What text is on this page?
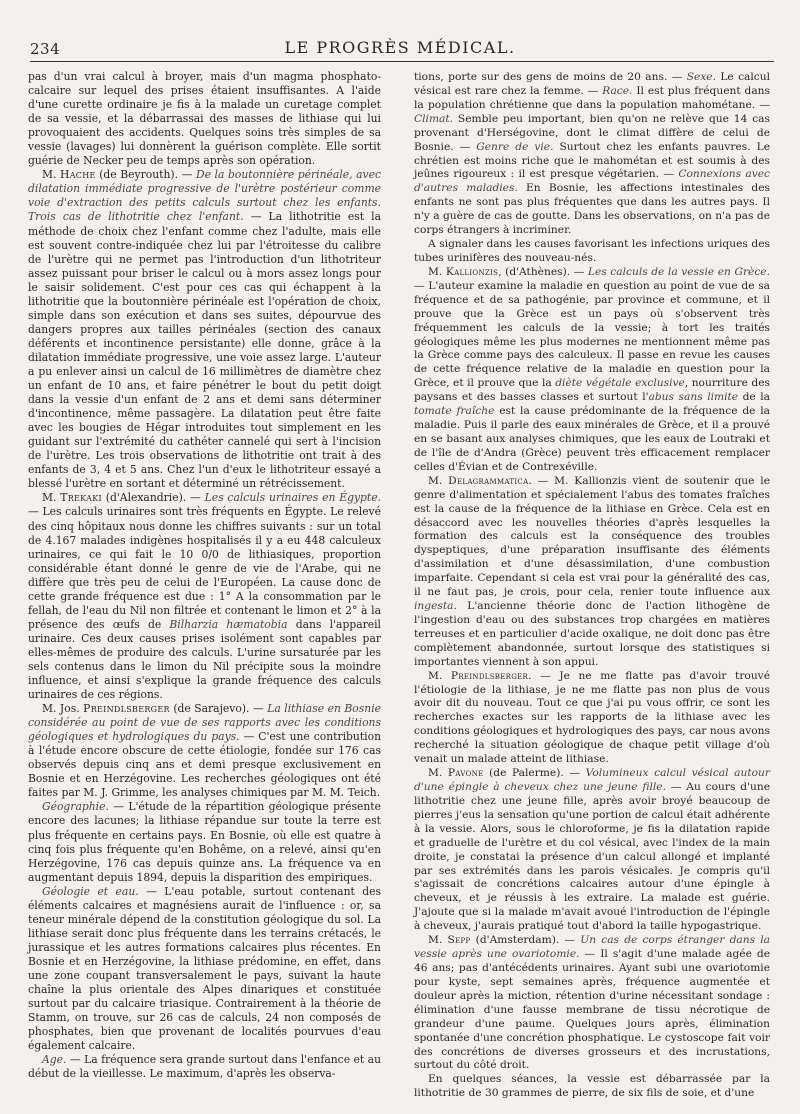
234	LE PROGRÈS MÉDICAL.

pas d'un vrai calcul à broyer, mais d'un magma phosphato-calcaire sur lequel des prises étaient insuffisantes. A l'aide d'une curette ordinaire je fis à la malade un curetage complet de sa vessie, et la débarrassai des masses de lithiase qui lui provoquaient des accidents. Quelques soins très simples de sa vessie (lavages) lui donnèrent la guérison complète. Elle sortit guérie de Necker peu de temps après son opération.

M. Hache (de Beyrouth). — De la boutonnière périnéale, avec dilatation immédiate progressive de l'urètre postérieur comme voie d'extraction des petits calculs surtout chez les enfants. Trois cas de lithotritie chez l'enfant. — La lithotritie est la méthode de choix chez l'enfant comme chez l'adulte, mais elle est souvent contre-indiquée chez lui par l'étroitesse du calibre de l'urètre qui ne permet pas l'introduction d'un lithotriteur assez puissant pour briser le calcul ou à mors assez longs pour le saisir solidement. C'est pour ces cas qui échappent à la lithotritie que la boutonnière périnéale est l'opération de choix, simple dans son exécution et dans ses suites, dépourvue des dangers propres aux tailles périnéales (section des canaux déférents et incontinence persistante) elle donne, grâce à la dilatation immédiate progressive, une voie assez large. L'auteur a pu enlever ainsi un calcul de 16 millimètres de diamètre chez un enfant de 10 ans, et faire pénétrer le bout du petit doigt dans la vessie d'un enfant de 2 ans et demi sans déterminer d'incontinence, même passagère. La dilatation peut être faite avec les bougies de Hégar introduites tout simplement en les guidant sur l'extrémité du cathéter cannelé qui sert à l'incision de l'urètre. Les trois observations de lithotritie ont trait à des enfants de 3, 4 et 5 ans. Chez l'un d'eux le lithotriteur essayé a blessé l'urètre en sortant et déterminé un rétrécissement.

M. Trekaki (d'Alexandrie). — Les calculs urinaires en Égypte. — Les calculs urinaires sont très fréquents en Égypte. Le relevé des cinq hôpitaux nous donne les chiffres suivants : sur un total de 4.167 malades indigènes hospitalisés il y a eu 448 calculeux urinaires, ce qui fait le 10 0/0 de lithiasiques, proportion considérable étant donné le genre de vie de l'Arabe, qui ne diffère que très peu de celui de l'Européen. La cause donc de cette grande fréquence est due : 1° A la consommation par le fellah, de l'eau du Nil non filtrée et contenant le limon et 2° à la présence des œufs de Bilharzia hæmatobia dans l'appareil urinaire. Ces deux causes prises isolément sont capables par elles-mêmes de produire des calculs. L'urine sursaturée par les sels contenus dans le limon du Nil précipite sous la moindre influence, et ainsi s'explique la grande fréquence des calculs urinaires de ces régions.

M. Jos. Preindlsberger (de Sarajevo). — La lithiase en Bosnie considérée au point de vue de ses rapports avec les conditions géologiques et hydrologiques du pays. — C'est une contribution à l'étude encore obscure de cette étiologie, fondée sur 176 cas observés depuis cinq ans et demi presque exclusivement en Bosnie et en Herzégovine. Les recherches géologiques ont été faites par M. J. Grimme, les analyses chimiques par M. M. Teich.

Géographie. — L'étude de la répartition géologique présente encore des lacunes; la lithiase répandue sur toute la terre est plus fréquente en certains pays. En Bosnie, où elle est quatre à cinq fois plus fréquente qu'en Bohême, on a relevé, ainsi qu'en Herzégovine, 176 cas depuis quinze ans. La fréquence va en augmentant depuis 1894, depuis la disparition des empiriques.

Géologie et eau. — L'eau potable, surtout contenant des éléments calcaires et magnésiens aurait de l'influence : or, sa teneur minérale dépend de la constitution géologique du sol. La lithiase serait donc plus fréquente dans les terrains crétacés, le jurassique et les autres formations calcaires plus récentes. En Bosnie et en Herzégovine, la lithiase prédomine, en effet, dans une zone coupant transversalement le pays, suivant la haute chaîne la plus orientale des Alpes dinariques et constituée surtout par du calcaire triasique. Contrairement à la théorie de Stamm, on trouve, sur 26 cas de calculs, 24 non composés de phosphates, bien que provenant de localités pourvues d'eau également calcaire.

Age. — La fréquence sera grande surtout dans l'enfance et au début de la vieillesse. Le maximum, d'après les observa-

tions, porte sur des gens de moins de 20 ans. — Sexe. Le calcul vésical est rare chez la femme. — Race. Il est plus fréquent dans la population chrétienne que dans la population mahométane. — Climat. Semble peu important, bien qu'on ne relève que 14 cas provenant d'Herségovine, dont le climat diffère de celui de Bosnie. — Genre de vie. Surtout chez les enfants pauvres. Le chrétien est moins riche que le mahométan et est soumis à des jeûnes rigoureux : il est presque végétarien. — Connexions avec d'autres maladies. En Bosnie, les affections intestinales des enfants ne sont pas plus fréquentes que dans les autres pays. Il n'y a guère de cas de goutte. Dans les observations, on n'a pas de corps étrangers à incriminer.

A signaler dans les causes favorisant les infections uriques des tubes urinifères des nouveau-nés.

M. Kallionzis, (d'Athènes). — Les calculs de la vessie en Grèce. — L'auteur examine la maladie en question au point de vue de sa fréquence et de sa pathogénie, par province et commune, et il prouve que la Grèce est un pays où s'observent très fréquemment les calculs de la vessie; à tort les traités géologiques même les plus modernes ne mentionnent même pas la Grèce comme pays des calculeux. Il passe en revue les causes de cette fréquence relative de la maladie en question pour la Grèce, et il prouve que la diète végétale exclusive, nourriture des paysans et des basses classes et surtout l'abus sans limite de la tomate fraîche est la cause prédominante de la fréquence de la maladie. Puis il parle des eaux minérales de Grèce, et il a prouvé en se basant aux analyses chimiques, que les eaux de Loutraki et de l'île de d'Andra (Grèce) peuvent très efficacement remplacer celles d'Évian et de Contrexéville.

M. Delagrammatica. — M. Kallionzis vient de soutenir que le genre d'alimentation et spécialement l'abus des tomates fraîches est la cause de la fréquence de la lithiase en Grèce. Cela est en désaccord avec les nouvelles théories d'après lesquelles la formation des calculs est la conséquence des troubles dyspeptiques, d'une préparation insuffisante des éléments d'assimilation et d'une désassimilation, d'une combustion imparfaite. Cependant si cela est vrai pour la généralité des cas, il ne faut pas, je crois, pour cela, renier toute influence aux ingesta. L'ancienne théorie donc de l'action lithogène de l'ingestion d'eau ou des substances trop chargées en matières terreuses et en particulier d'acide oxalique, ne doit donc pas être complètement abandonnée, surtout lorsque des statistiques si importantes viennent à son appui.

M. Preindlsberger. — Je ne me flatte pas d'avoir trouvé l'étiologie de la lithiase, je ne me flatte pas non plus de vous avoir dit du nouveau. Tout ce que j'ai pu vous offrir, ce sont les recherches exactes sur les rapports de la lithiase avec les conditions géologiques et hydrologiques des pays, car nous avons recherché la situation géologique de chaque petit village d'où venait un malade atteint de lithiase.

M. Pavone (de Palerme). — Volumineux calcul vésical autour d'une épingle à cheveux chez une jeune fille. — Au cours d'une lithotritie chez une jeune fille, après avoir broyé beaucoup de pierres j'eus la sensation qu'une portion de calcul était adhérente à la vessie. Alors, sous le chloroforme, je fis la dilatation rapide et graduelle de l'urètre et du col vésical, avec l'index de la main droite, je constatai la présence d'un calcul allongé et implanté par ses extrémités dans les parois vésicales. Je compris qu'il s'agissait de concrétions calcaires autour d'une épingle à cheveux, et je réussis à les extraire. La malade est guérie. J'ajoute que si la malade m'avait avoué l'introduction de l'épingle à cheveux, j'aurais pratiqué tout d'abord la taille hypogastrique.

M. Sepp (d'Amsterdam). — Un cas de corps étranger dans la vessie après une ovariotomie. — Il s'agit d'une malade agée de 46 ans; pas d'antécédents urinaires. Ayant subi une ovariotomie pour kyste, sept semaines après, fréquence augmentée et douleur après la miction, rétention d'urine nécessitant sondage : élimination d'une fausse membrane de tissu nécrotique de grandeur d'une paume. Quelques jours après, élimination spontanée d'une concrétion phosphatique. Le cystoscope fait voir des concrétions de diverses grosseurs et des incrustations, surtout du côté droit.

En quelques séances, la vessie est débarrassée par la lithotritie de 30 grammes de pierre, de six fils de soie, et d'une
